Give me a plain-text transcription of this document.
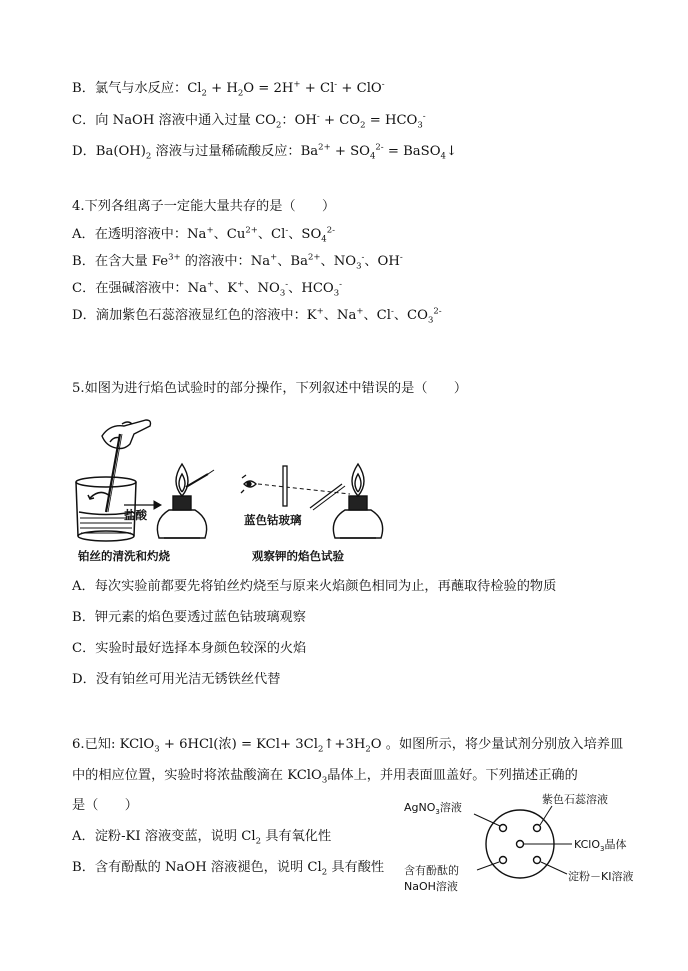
B．氯气与水反应：$Cl_2 + H_2O = 2H^+ + Cl^- + ClO^-$
C．向 NaOH 溶液中通入过量 $CO_2$：$OH^- + CO_2 = HCO_3^-$
D．$Ba(OH)_2$ 溶液与过量稀硫酸反应：$Ba^{2+} + SO_4^{2-}$ = BaSO$_4$↓
4.下列各组离子一定能大量共存的是（　　）
A．在透明溶液中：Na+、$Cu^{2+}$、Cl-、$SO_4^{2-}$
B．在含大量 $Fe^{3+}$ 的溶液中：Na+、$Ba^{2+}$、$NO_3^-$、OH-
C．在强碱溶液中：Na+、K+、$NO_3^-$、$HCO_3^-$
D．滴加紫色石蕊溶液显红色的溶液中：K+、Na+、Cl-、$CO_3^{2-}$
5.如图为进行焰色试验时的部分操作，下列叙述中错误的是（　　）
盐酸	蓝色钴玻璃
铂丝的清洗和灼烧	观察钾的焰色试验
A．每次实验前都要先将铂丝灼烧至与原来火焰颜色相同为止，再蘸取待检验的物质
B．钾元素的焰色要透过蓝色钴玻璃观察
C．实验时最好选择本身颜色较深的火焰
D．没有铂丝可用光洁无锈铁丝代替
6.已知: KClO$_3$ + 6HCl(浓) = $KCl+ 3Cl_2↑+3H_2O$ 。如图所示，将少量试剂分别放入培养皿
中的相应位置，实验时将浓盐酸滴在 KClO$_3$晶体上，并用表面皿盖好。下列描述正确的
是（　　）
A．淀粉-KI 溶液变蓝，说明 $Cl_2$ 具有氧化性
B．含有酚酞的 NaOH 溶液褪色，说明 $Cl_2$ 具有酸性
AgNO$_3$溶液
紫色石蕊溶液
KClO$_3$晶体
淀粉－KI溶液
含有酚酞的
NaOH溶液
